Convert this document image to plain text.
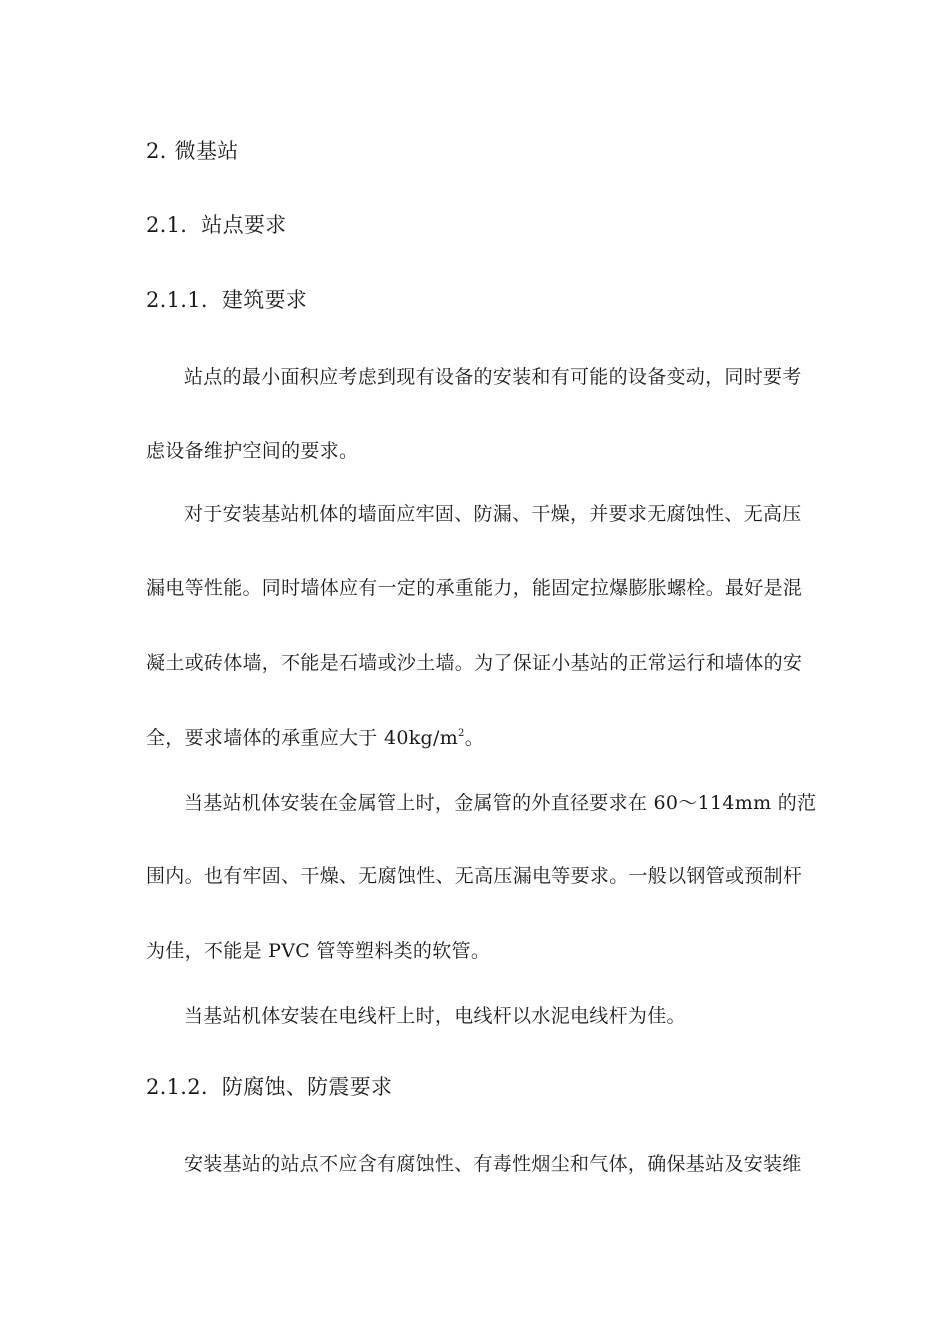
2. 微基站
2.1. 站点要求
2.1.1. 建筑要求
站点的最小面积应考虑到现有设备的安装和有可能的设备变动，同时要考
虑设备维护空间的要求。
对于安装基站机体的墙面应牢固、防漏、干燥，并要求无腐蚀性、无高压
漏电等性能。同时墙体应有一定的承重能力，能固定拉爆膨胀螺栓。最好是混
凝土或砖体墙，不能是石墙或沙土墙。为了保证小基站的正常运行和墙体的安
全，要求墙体的承重应大于 $40kg/m^2$。
当基站机体安装在金属管上时，金属管的外直径要求在 60～114mm 的范
围内。也有牢固、干燥、无腐蚀性、无高压漏电等要求。一般以钢管或预制杆
为佳，不能是 PVC 管等塑料类的软管。
当基站机体安装在电线杆上时，电线杆以水泥电线杆为佳。
2.1.2. 防腐蚀、防震要求
安装基站的站点不应含有腐蚀性、有毒性烟尘和气体，确保基站及安装维
